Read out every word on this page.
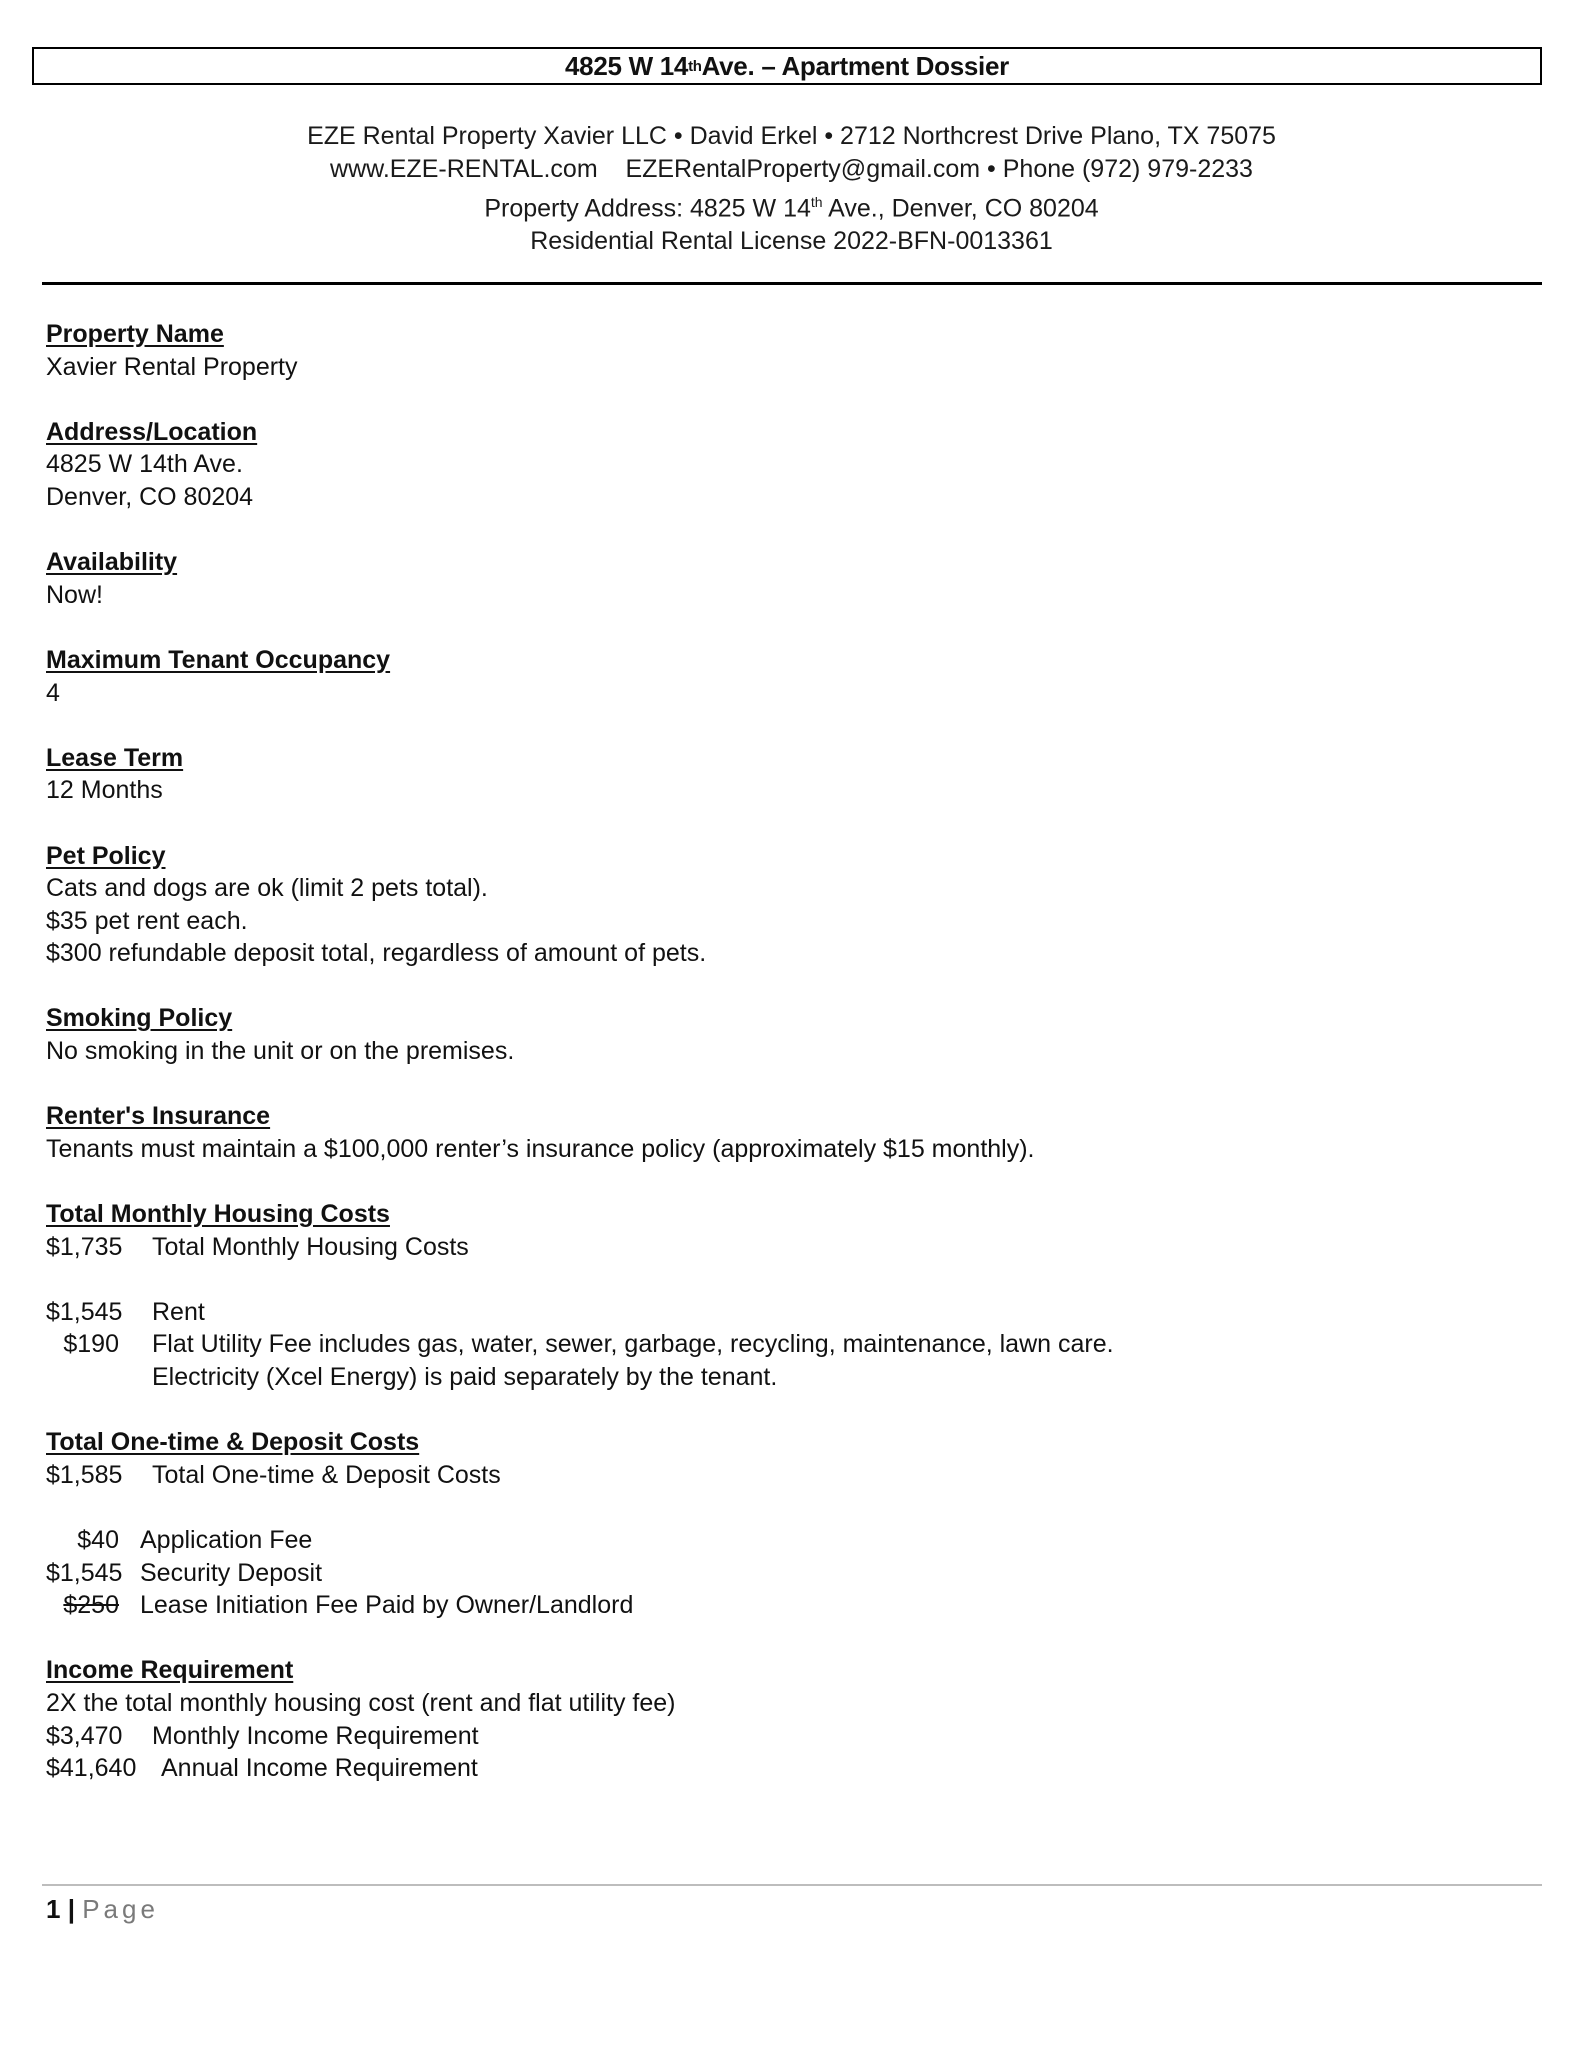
4825 W 14 th Ave. – Apartment Dossier
EZE Rental Property Xavier LLC • David Erkel • 2712 Northcrest Drive Plano, TX 75075
www.EZE-RENTAL.com    EZERentalProperty@gmail.com • Phone (972) 979-2233
Property Address: 4825 W 14th Ave., Denver, CO 80204
Residential Rental License 2022-BFN-0013361
Property Name
Xavier Rental Property
Address/Location
4825 W 14th Ave.
Denver, CO 80204
Availability
Now!
Maximum Tenant Occupancy
4
Lease Term
12 Months
Pet Policy
Cats and dogs are ok (limit 2 pets total).
$35 pet rent each.
$300 refundable deposit total, regardless of amount of pets.
Smoking Policy
No smoking in the unit or on the premises.
Renter's Insurance
Tenants must maintain a $100,000 renter’s insurance policy (approximately $15 monthly).
Total Monthly Housing Costs
$1,735 Total Monthly Housing Costs
$1,545 Rent
$190 Flat Utility Fee includes gas, water, sewer, garbage, recycling, maintenance, lawn care.
Electricity (Xcel Energy) is paid separately by the tenant.
Total One-time & Deposit Costs
$1,585 Total One-time & Deposit Costs
$40 Application Fee
$1,545 Security Deposit
$250 Lease Initiation Fee Paid by Owner/Landlord
Income Requirement
2X the total monthly housing cost (rent and flat utility fee)
$3,470 Monthly Income Requirement
$41,640 Annual Income Requirement
1 | Page
